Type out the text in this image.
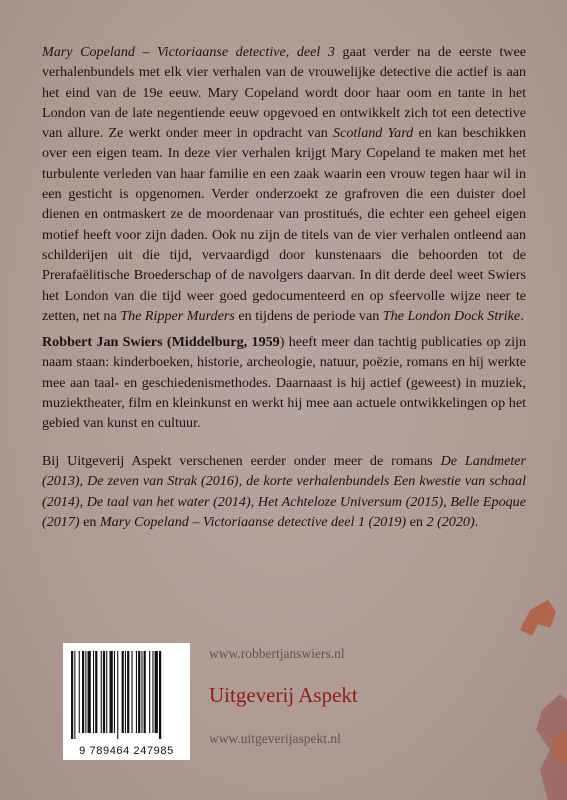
Mary Copeland – Victoriaanse detective, deel 3 gaat verder na de eerste twee verhalenbundels met elk vier verhalen van de vrouwelijke detective die actief is aan het eind van de 19e eeuw. Mary Copeland wordt door haar oom en tante in het London van de late negentiende eeuw opgevoed en ontwikkelt zich tot een detective van allure. Ze werkt onder meer in opdracht van Scotland Yard en kan beschikken over een eigen team. In deze vier verhalen krijgt Mary Copeland te maken met het turbulente verleden van haar familie en een zaak waarin een vrouw tegen haar wil in een gesticht is opgenomen. Verder onderzoekt ze grafroven die een duister doel dienen en ontmaskert ze de moordenaar van prostitués, die echter een geheel eigen motief heeft voor zijn daden. Ook nu zijn de titels van de vier verhalen ontleend aan schilderijen uit die tijd, vervaardigd door kunstenaars die behoorden tot de Prerafaëlitische Broederschap of de navolgers daarvan. In dit derde deel weet Swiers het London van die tijd weer goed gedocumenteerd en op sfeervolle wijze neer te zetten, net na The Ripper Murders en tijdens de periode van The London Dock Strike.

Robbert Jan Swiers (Middelburg, 1959) heeft meer dan tachtig publicaties op zijn naam staan: kinderboeken, historie, archeologie, natuur, poëzie, romans en hij werkte mee aan taal- en geschiedenismethodes. Daarnaast is hij actief (geweest) in muziek, muziektheater, film en kleinkunst en werkt hij mee aan actuele ontwikkelingen op het gebied van kunst en cultuur.

Bij Uitgeverij Aspekt verschenen eerder onder meer de romans De Landmeter (2013), De zeven van Strak (2016), de korte verhalenbundels Een kwestie van schaal (2014), De taal van het water (2014), Het Achteloze Universum (2015), Belle Epoque (2017) en Mary Copeland – Victoriaanse detective deel 1 (2019) en 2 (2020).

9 789464 247985
www.robbertjanswiers.nl
Uitgeverij Aspekt
www.uitgeverijaspekt.nl
